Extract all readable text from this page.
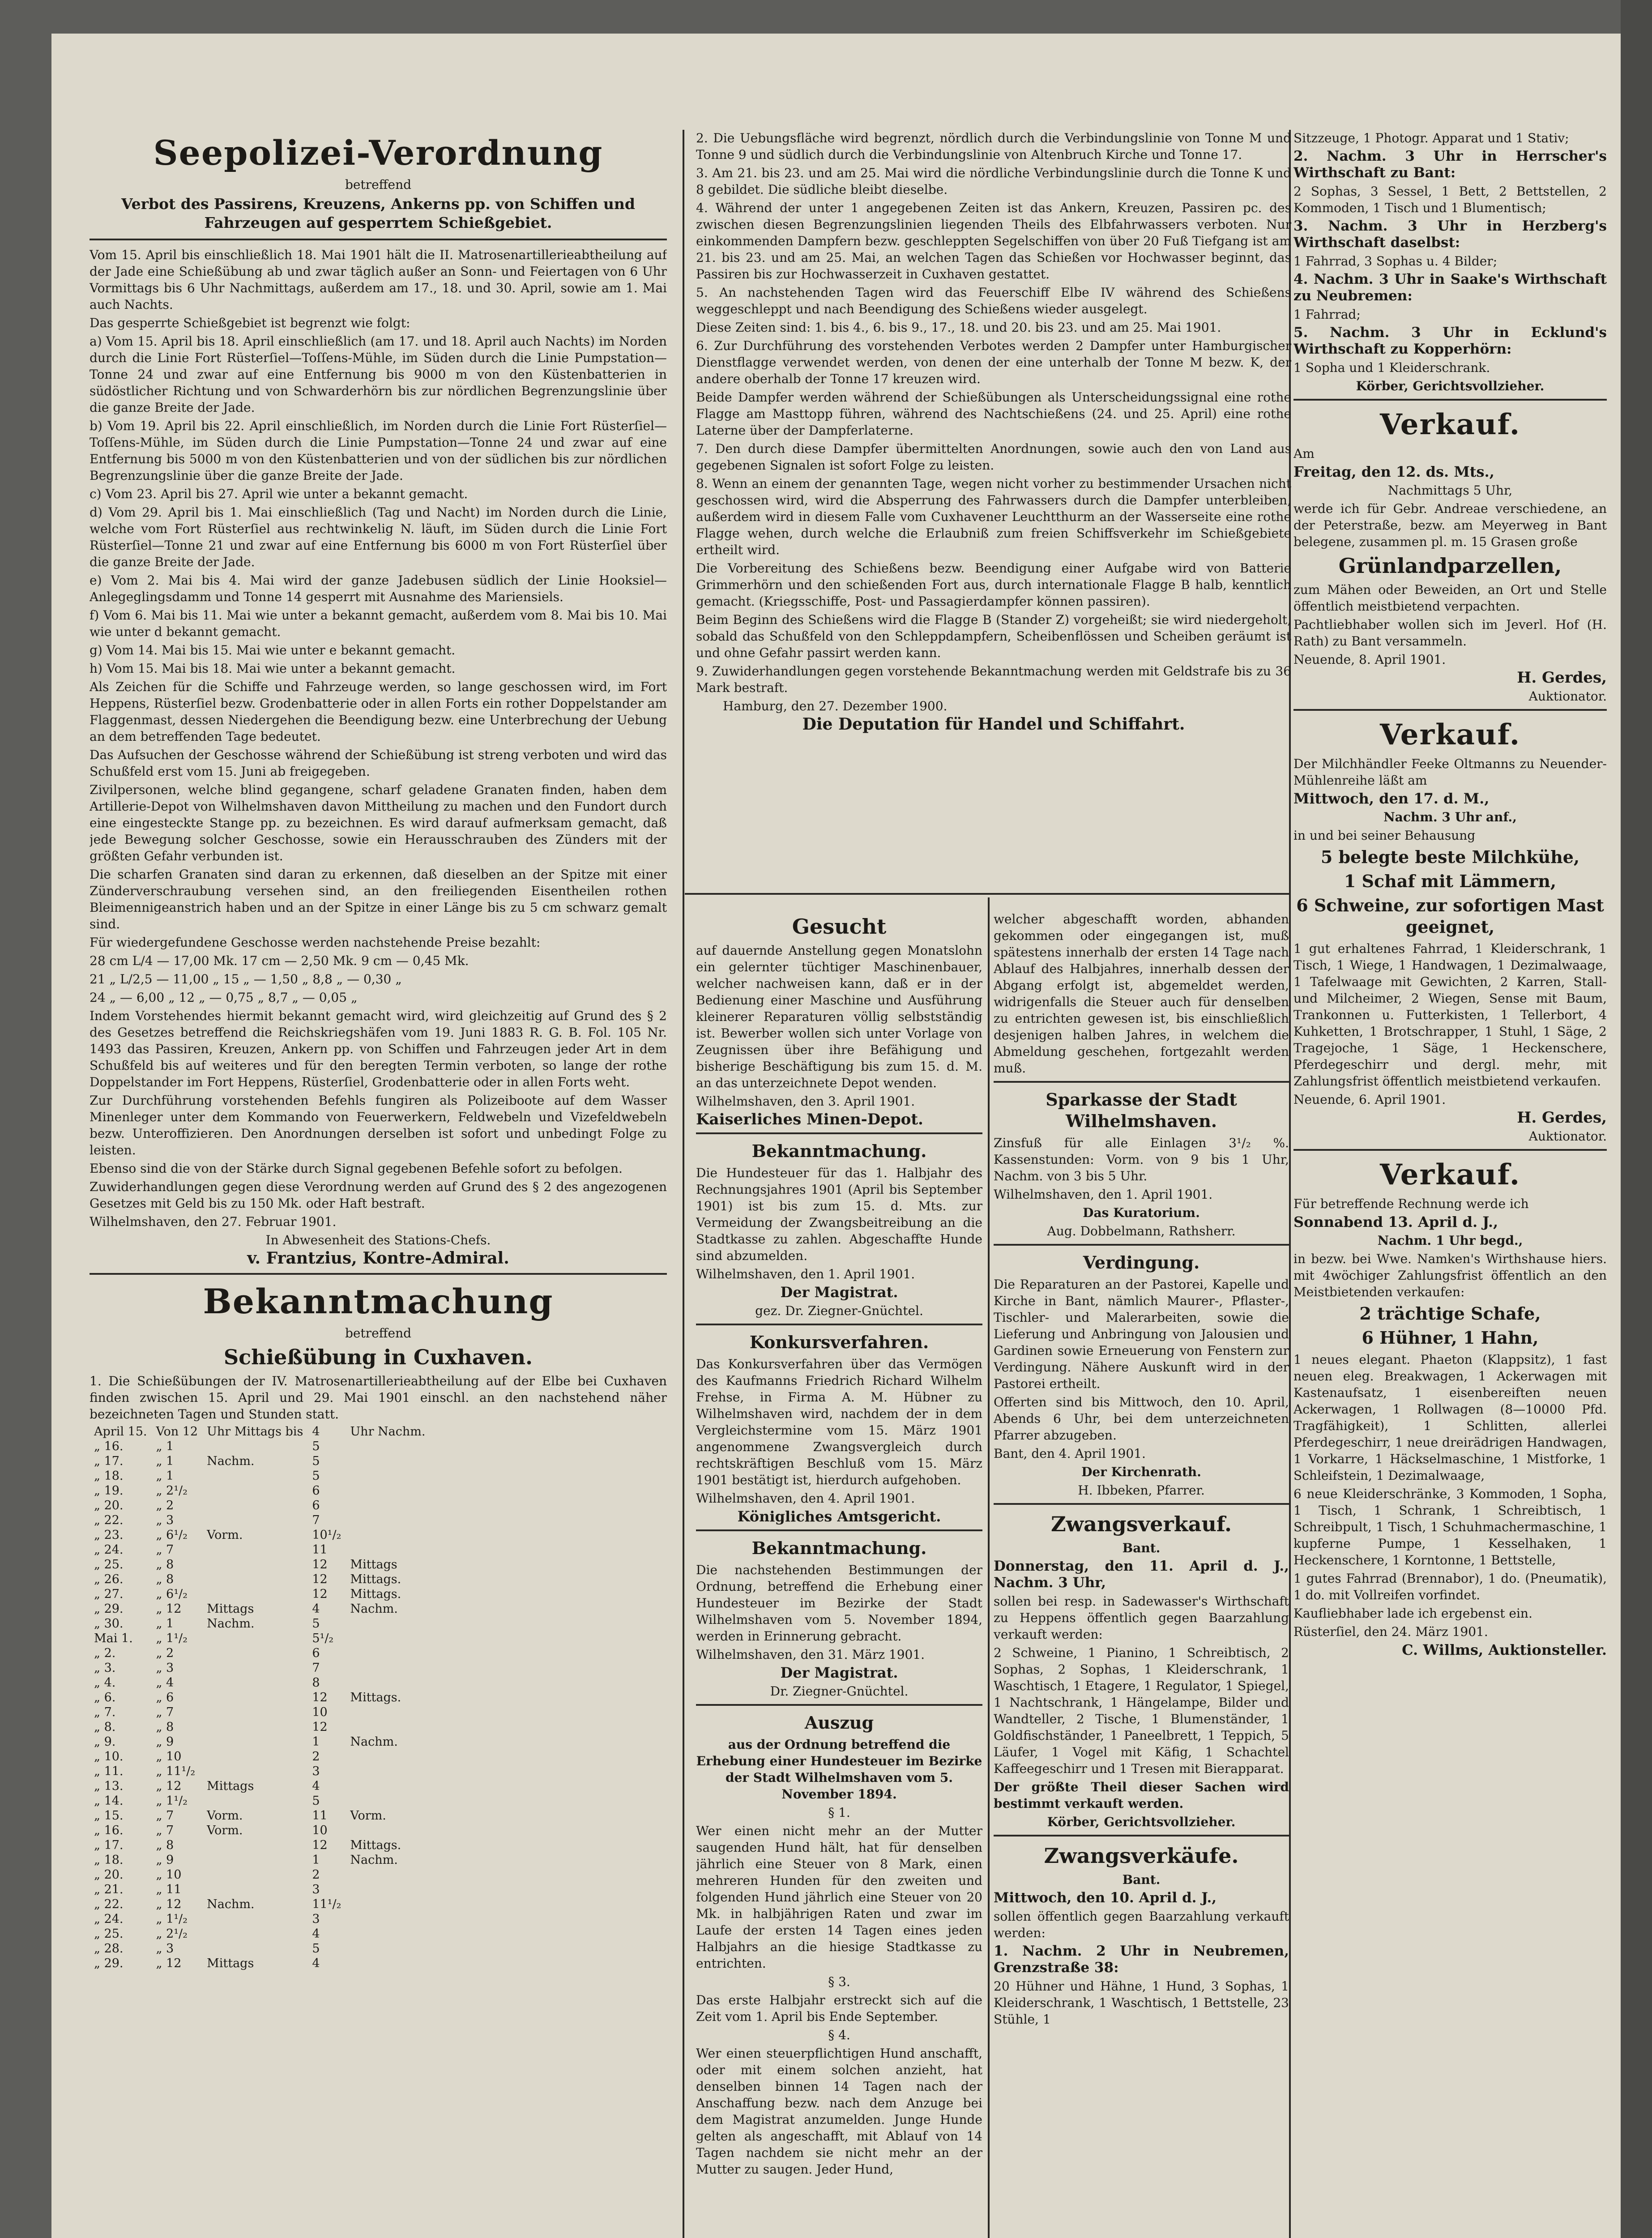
Seepolizei-Verordnung

betreffend

Verbot des Passirens, Kreuzens, Ankerns pp. von Schiffen und Fahrzeugen auf gesperrtem Schießgebiet.

Vom 15. April bis einschließlich 18. Mai 1901 hält die II. Matrosenartillerieabtheilung auf der Jade eine Schießübung ab und zwar täglich außer an Sonn- und Feiertagen von 6 Uhr Vormittags bis 6 Uhr Nachmittags, außerdem am 17., 18. und 30. April, sowie am 1. Mai auch Nachts.

Das gesperrte Schießgebiet ist begrenzt wie folgt:

a) Vom 15. April bis 18. April einschließlich (am 17. und 18. April auch Nachts) im Norden durch die Linie Fort Rüsterſiel—Toſſens-Mühle, im Süden durch die Linie Pumpstation—Tonne 24 und zwar auf eine Entfernung bis 9000 m von den Küstenbatterien in südöstlicher Richtung und von Schwarderhörn bis zur nördlichen Begrenzungslinie über die ganze Breite der Jade.

b) Vom 19. April bis 22. April einschließlich, im Norden durch die Linie Fort Rüsterſiel—Toſſens-Mühle, im Süden durch die Linie Pumpstation—Tonne 24 und zwar auf eine Entfernung bis 5000 m von den Küstenbatterien und von der südlichen bis zur nördlichen Begrenzungslinie über die ganze Breite der Jade.

c) Vom 23. April bis 27. April wie unter a bekannt gemacht.

d) Vom 29. April bis 1. Mai einschließlich (Tag und Nacht) im Norden durch die Linie, welche vom Fort Rüsterſiel aus rechtwinkelig N. läuft, im Süden durch die Linie Fort Rüsterſiel—Tonne 21 und zwar auf eine Entfernung bis 6000 m von Fort Rüsterſiel über die ganze Breite der Jade.

e) Vom 2. Mai bis 4. Mai wird der ganze Jadebusen südlich der Linie Hooksiel—Anlegeglingsdamm und Tonne 14 gesperrt mit Ausnahme des Mariensiels.

f) Vom 6. Mai bis 11. Mai wie unter a bekannt gemacht, außerdem vom 8. Mai bis 10. Mai wie unter d bekannt gemacht.

g) Vom 14. Mai bis 15. Mai wie unter e bekannt gemacht.

h) Vom 15. Mai bis 18. Mai wie unter a bekannt gemacht.

Als Zeichen für die Schiffe und Fahrzeuge werden, so lange geschossen wird, im Fort Heppens, Rüsterſiel bezw. Grodenbatterie oder in allen Forts ein rother Doppelstander am Flaggenmast, dessen Niedergehen die Beendigung bezw. eine Unterbrechung der Uebung an dem betreffenden Tage bedeutet.

Das Aufsuchen der Geschosse während der Schießübung ist streng verboten und wird das Schußfeld erst vom 15. Juni ab freigegeben.

Zivilpersonen, welche blind gegangene, scharf geladene Granaten finden, haben dem Artillerie-Depot von Wilhelmshaven davon Mittheilung zu machen und den Fundort durch eine eingesteckte Stange pp. zu bezeichnen. Es wird darauf aufmerksam gemacht, daß jede Bewegung solcher Geschosse, sowie ein Herausschrauben des Zünders mit der größten Gefahr verbunden ist.

Die scharfen Granaten sind daran zu erkennen, daß dieselben an der Spitze mit einer Zünderverschraubung versehen sind, an den freiliegenden Eisentheilen rothen Bleimennigeanstrich haben und an der Spitze in einer Länge bis zu 5 cm schwarz gemalt sind.

Für wiedergefundene Geschosse werden nachstehende Preise bezahlt:

28 cm L/4 — 17,00 Mk. 17 cm — 2,50 Mk. 9 cm — 0,45 Mk.

21 „ L/2,5 — 11,00 „ 15 „ — 1,50 „ 8,8 „ — 0,30 „

24 „ — 6,00 „ 12 „ — 0,75 „ 8,7 „ — 0,05 „

Indem Vorstehendes hiermit bekannt gemacht wird, wird gleichzeitig auf Grund des § 2 des Gesetzes betreffend die Reichskriegshäfen vom 19. Juni 1883 R. G. B. Fol. 105 Nr. 1493 das Passiren, Kreuzen, Ankern pp. von Schiffen und Fahrzeugen jeder Art in dem Schußfeld bis auf weiteres und für den beregten Termin verboten, so lange der rothe Doppelstander im Fort Heppens, Rüsterſiel, Grodenbatterie oder in allen Forts weht.

Zur Durchführung vorstehenden Befehls fungiren als Polizeiboote auf dem Wasser Minenleger unter dem Kommando von Feuerwerkern, Feldwebeln und Vizefeldwebeln bezw. Unteroffizieren. Den Anordnungen derselben ist sofort und unbedingt Folge zu leisten.

Ebenso sind die von der Stärke durch Signal gegebenen Befehle sofort zu befolgen.

Zuwiderhandlungen gegen diese Verordnung werden auf Grund des § 2 des angezogenen Gesetzes mit Geld bis zu 150 Mk. oder Haft bestraft.

Wilhelmshaven, den 27. Februar 1901.

In Abwesenheit des Stations-Chefs.

v. Frantzius, Kontre-Admiral.

Bekanntmachung

betreffend

Schießübung in Cuxhaven.

1. Die Schießübungen der IV. Matrosenartillerieabtheilung auf der Elbe bei Cuxhaven finden zwischen 15. April und 29. Mai 1901 einschl. an den nachstehend näher bezeichneten Tagen und Stunden statt.

April 15.	Von 12	Uhr Mittags bis	4	Uhr Nachm.
„ 16.	„ 1		5	
„ 17.	„ 1	Nachm.	5	
„ 18.	„ 1		5	
„ 19.	„ 2¹/₂		6	
„ 20.	„ 2		6	
„ 22.	„ 3		7	
„ 23.	„ 6¹/₂	Vorm.	10¹/₂	
„ 24.	„ 7		11	
„ 25.	„ 8		12	Mittags
„ 26.	„ 8		12	Mittags.
„ 27.	„ 6¹/₂		12	Mittags.
„ 29.	„ 12	Mittags	4	Nachm.
„ 30.	„ 1	Nachm.	5	
Mai 1.	„ 1¹/₂		5¹/₂	
„ 2.	„ 2		6	
„ 3.	„ 3		7	
„ 4.	„ 4		8	
„ 6.	„ 6		12	Mittags.
„ 7.	„ 7		10	
„ 8.	„ 8		12	
„ 9.	„ 9		1	Nachm.
„ 10.	„ 10		2	
„ 11.	„ 11¹/₂		3	
„ 13.	„ 12	Mittags	4	
„ 14.	„ 1¹/₂		5	
„ 15.	„ 7	Vorm.	11	Vorm.
„ 16.	„ 7	Vorm.	10	
„ 17.	„ 8		12	Mittags.
„ 18.	„ 9		1	Nachm.
„ 20.	„ 10		2	
„ 21.	„ 11		3	
„ 22.	„ 12	Nachm.	11¹/₂	
„ 24.	„ 1¹/₂		3	
„ 25.	„ 2¹/₂		4	
„ 28.	„ 3		5	
„ 29.	„ 12	Mittags	4	

2. Die Uebungsfläche wird begrenzt, nördlich durch die Verbindungslinie von Tonne M und Tonne 9 und südlich durch die Verbindungslinie von Altenbruch Kirche und Tonne 17.

3. Am 21. bis 23. und am 25. Mai wird die nördliche Verbindungslinie durch die Tonne K und 8 gebildet. Die südliche bleibt dieselbe.

4. Während der unter 1 angegebenen Zeiten ist das Ankern, Kreuzen, Passiren pc. des zwischen diesen Begrenzungslinien liegenden Theils des Elbfahrwassers verboten. Nur einkommenden Dampfern bezw. geschleppten Segelschiffen von über 20 Fuß Tiefgang ist am 21. bis 23. und am 25. Mai, an welchen Tagen das Schießen vor Hochwasser beginnt, das Passiren bis zur Hochwasserzeit in Cuxhaven gestattet.

5. An nachstehenden Tagen wird das Feuerschiff Elbe IV während des Schießens weggeschleppt und nach Beendigung des Schießens wieder ausgelegt.

Diese Zeiten sind: 1. bis 4., 6. bis 9., 17., 18. und 20. bis 23. und am 25. Mai 1901.

6. Zur Durchführung des vorstehenden Verbotes werden 2 Dampfer unter Hamburgischer Dienstflagge verwendet werden, von denen der eine unterhalb der Tonne M bezw. K, der andere oberhalb der Tonne 17 kreuzen wird.

Beide Dampfer werden während der Schießübungen als Unterscheidungssignal eine rothe Flagge am Masttopp führen, während des Nachtschießens (24. und 25. April) eine rothe Laterne über der Dampferlaterne.

7. Den durch diese Dampfer übermittelten Anordnungen, sowie auch den von Land aus gegebenen Signalen ist sofort Folge zu leisten.

8. Wenn an einem der genannten Tage, wegen nicht vorher zu bestimmender Ursachen nicht geschossen wird, wird die Absperrung des Fahrwassers durch die Dampfer unterbleiben, außerdem wird in diesem Falle vom Cuxhavener Leuchtthurm an der Wasserseite eine rothe Flagge wehen, durch welche die Erlaubniß zum freien Schiffsverkehr im Schießgebiete ertheilt wird.

Die Vorbereitung des Schießens bezw. Beendigung einer Aufgabe wird von Batterie Grimmerhörn und den schießenden Fort aus, durch internationale Flagge B halb, kenntlich gemacht. (Kriegsschiffe, Post- und Passagierdampfer können passiren).

Beim Beginn des Schießens wird die Flagge B (Stander Z) vorgeheißt; sie wird niedergeholt, sobald das Schußfeld von den Schleppdampfern, Scheibenflössen und Scheiben geräumt ist und ohne Gefahr passirt werden kann.

9. Zuwiderhandlungen gegen vorstehende Bekanntmachung werden mit Geldstrafe bis zu 36 Mark bestraft.

Hamburg, den 27. Dezember 1900.

Die Deputation für Handel und Schiffahrt.

Gesucht

auf dauernde Anstellung gegen Monatslohn ein gelernter tüchtiger Maschinenbauer, welcher nachweisen kann, daß er in der Bedienung einer Maschine und Ausführung kleinerer Reparaturen völlig selbstständig ist. Bewerber wollen sich unter Vorlage von Zeugnissen über ihre Befähigung und bisherige Beschäftigung bis zum 15. d. M. an das unterzeichnete Depot wenden.

Wilhelmshaven, den 3. April 1901.

Kaiserliches Minen-Depot.

Bekanntmachung.

Die Hundesteuer für das 1. Halbjahr des Rechnungsjahres 1901 (April bis September 1901) ist bis zum 15. d. Mts. zur Vermeidung der Zwangsbeitreibung an die Stadtkasse zu zahlen. Abgeschaffte Hunde sind abzumelden.

Wilhelmshaven, den 1. April 1901.

Der Magistrat.

gez. Dr. Ziegner-Gnüchtel.

Konkursverfahren.

Das Konkursverfahren über das Vermögen des Kaufmanns Friedrich Richard Wilhelm Frehse, in Firma A. M. Hübner zu Wilhelmshaven wird, nachdem der in dem Vergleichstermine vom 15. März 1901 angenommene Zwangsvergleich durch rechtskräftigen Beschluß vom 15. März 1901 bestätigt ist, hierdurch aufgehoben.

Wilhelmshaven, den 4. April 1901.

Königliches Amtsgericht.

Bekanntmachung.

Die nachstehenden Bestimmungen der Ordnung, betreffend die Erhebung einer Hundesteuer im Bezirke der Stadt Wilhelmshaven vom 5. November 1894, werden in Erinnerung gebracht.

Wilhelmshaven, den 31. März 1901.

Der Magistrat.

Dr. Ziegner-Gnüchtel.

Auszug

aus der Ordnung betreffend die Erhebung einer Hundesteuer im Bezirke der Stadt Wilhelmshaven vom 5. November 1894.

§ 1.

Wer einen nicht mehr an der Mutter saugenden Hund hält, hat für denselben jährlich eine Steuer von 8 Mark, einen mehreren Hunden für den zweiten und folgenden Hund jährlich eine Steuer von 20 Mk. in halbjährigen Raten und zwar im Laufe der ersten 14 Tagen eines jeden Halbjahrs an die hiesige Stadtkasse zu entrichten.

§ 3.

Das erste Halbjahr erstreckt sich auf die Zeit vom 1. April bis Ende September.

§ 4.

Wer einen steuerpflichtigen Hund anschafft, oder mit einem solchen anzieht, hat denselben binnen 14 Tagen nach der Anschaffung bezw. nach dem Anzuge bei dem Magistrat anzumelden. Junge Hunde gelten als angeschafft, mit Ablauf von 14 Tagen nachdem sie nicht mehr an der Mutter zu saugen. Jeder Hund,

welcher abgeschafft worden, abhanden gekommen oder eingegangen ist, muß spätestens innerhalb der ersten 14 Tage nach Ablauf des Halbjahres, innerhalb dessen der Abgang erfolgt ist, abgemeldet werden, widrigenfalls die Steuer auch für denselben zu entrichten gewesen ist, bis einschließlich desjenigen halben Jahres, in welchem die Abmeldung geschehen, fortgezahlt werden muß.

Sparkasse der Stadt Wilhelmshaven.

Zinsfuß für alle Einlagen 3¹/₂ %. Kassenstunden: Vorm. von 9 bis 1 Uhr, Nachm. von 3 bis 5 Uhr.

Wilhelmshaven, den 1. April 1901.

Das Kuratorium.

Aug. Dobbelmann, Rathsherr.

Verdingung.

Die Reparaturen an der Pastorei, Kapelle und Kirche in Bant, nämlich Maurer-, Pflaster-, Tischler- und Malerarbeiten, sowie die Lieferung und Anbringung von Jalousien und Gardinen sowie Erneuerung von Fenstern zur Verdingung. Nähere Auskunft wird in der Pastorei ertheilt.

Offerten sind bis Mittwoch, den 10. April, Abends 6 Uhr, bei dem unterzeichneten Pfarrer abzugeben.

Bant, den 4. April 1901.

Der Kirchenrath.

H. Ibbeken, Pfarrer.

Zwangsverkauf.

Bant.

Donnerstag, den 11. April d. J., Nachm. 3 Uhr,

sollen bei resp. in Sadewasser's Wirthschaft zu Heppens öffentlich gegen Baarzahlung verkauft werden:

2 Schweine, 1 Pianino, 1 Schreibtisch, 2 Sophas, 2 Sophas, 1 Kleiderschrank, 1 Waschtisch, 1 Etagere, 1 Regulator, 1 Spiegel, 1 Nachtschrank, 1 Hängelampe, Bilder und Wandteller, 2 Tische, 1 Blumenständer, 1 Goldfischständer, 1 Paneelbrett, 1 Teppich, 5 Läufer, 1 Vogel mit Käfig, 1 Schachtel Kaffeegeschirr und 1 Tresen mit Bierapparat.

Der größte Theil dieser Sachen wird bestimmt verkauft werden.

Körber, Gerichtsvollzieher.

Zwangsverkäufe.

Bant.

Mittwoch, den 10. April d. J.,

sollen öffentlich gegen Baarzahlung verkauft werden:

1. Nachm. 2 Uhr in Neubremen, Grenzstraße 38:

20 Hühner und Hähne, 1 Hund, 3 Sophas, 1 Kleiderschrank, 1 Waschtisch, 1 Bettstelle, 23 Stühle, 1

Sitzzeuge, 1 Photogr. Apparat und 1 Stativ;

2. Nachm. 3 Uhr in Herrscher's Wirthschaft zu Bant:

2 Sophas, 3 Sessel, 1 Bett, 2 Bettstellen, 2 Kommoden, 1 Tisch und 1 Blumentisch;

3. Nachm. 3 Uhr in Herzberg's Wirthschaft daselbst:

1 Fahrrad, 3 Sophas u. 4 Bilder;

4. Nachm. 3 Uhr in Saake's Wirthschaft zu Neubremen:

1 Fahrrad;

5. Nachm. 3 Uhr in Ecklund's Wirthschaft zu Kopperhörn:

1 Sopha und 1 Kleiderschrank.

Körber, Gerichtsvollzieher.

Verkauf.

Am

Freitag, den 12. ds. Mts.,

Nachmittags 5 Uhr,

werde ich für Gebr. Andreae verschiedene, an der Peterstraße, bezw. am Meyerweg in Bant belegene, zusammen pl. m. 15 Grasen große

Grünlandparzellen,

zum Mähen oder Beweiden, an Ort und Stelle öffentlich meistbietend verpachten.

Pachtliebhaber wollen sich im Jeverl. Hof (H. Rath) zu Bant versammeln.

Neuende, 8. April 1901.

H. Gerdes,

Auktionator.

Verkauf.

Der Milchhändler Feeke Oltmanns zu Neuender-Mühlenreihe läßt am

Mittwoch, den 17. d. M.,

Nachm. 3 Uhr anf.,

in und bei seiner Behausung

5 belegte beste Milchkühe,
1 Schaf mit Lämmern,
6 Schweine, zur sofortigen Mast geeignet,

1 gut erhaltenes Fahrrad, 1 Kleiderschrank, 1 Tisch, 1 Wiege, 1 Handwagen, 1 Dezimalwaage, 1 Tafelwaage mit Gewichten, 2 Karren, Stall- und Milcheimer, 2 Wiegen, Sense mit Baum, Trankonnen u. Futterkisten, 1 Tellerbort, 4 Kuhketten, 1 Brotschrapper, 1 Stuhl, 1 Säge, 2 Tragejoche, 1 Säge, 1 Heckenschere, Pferdegeschirr und dergl. mehr, mit Zahlungsfrist öffentlich meistbietend verkaufen.

Neuende, 6. April 1901.

H. Gerdes,

Auktionator.

Verkauf.

Für betreffende Rechnung werde ich

Sonnabend 13. April d. J.,

Nachm. 1 Uhr begd.,

in bezw. bei Wwe. Namken's Wirthshause hiers. mit 4wöchiger Zahlungsfrist öffentlich an den Meistbietenden verkaufen:

2 trächtige Schafe,
6 Hühner, 1 Hahn,

1 neues elegant. Phaeton (Klappsitz), 1 fast neuen eleg. Breakwagen, 1 Ackerwagen mit Kastenaufsatz, 1 eisenbereiften neuen Ackerwagen, 1 Rollwagen (8—10000 Pfd. Tragfähigkeit), 1 Schlitten, allerlei Pferdegeschirr, 1 neue dreirädrigen Handwagen, 1 Vorkarre, 1 Häckselmaschine, 1 Mistforke, 1 Schleifstein, 1 Dezimalwaage,

6 neue Kleiderschränke, 3 Kommoden, 1 Sopha, 1 Tisch, 1 Schrank, 1 Schreibtisch, 1 Schreibpult, 1 Tisch, 1 Schuhmachermaschine, 1 kupferne Pumpe, 1 Kesselhaken, 1 Heckenschere, 1 Korntonne, 1 Bettstelle,

1 gutes Fahrrad (Brennabor), 1 do. (Pneumatik), 1 do. mit Vollreifen vorfindet.

Kaufliebhaber lade ich ergebenst ein.

Rüsterſiel, den 24. März 1901.

C. Willms, Auktionsteller.
